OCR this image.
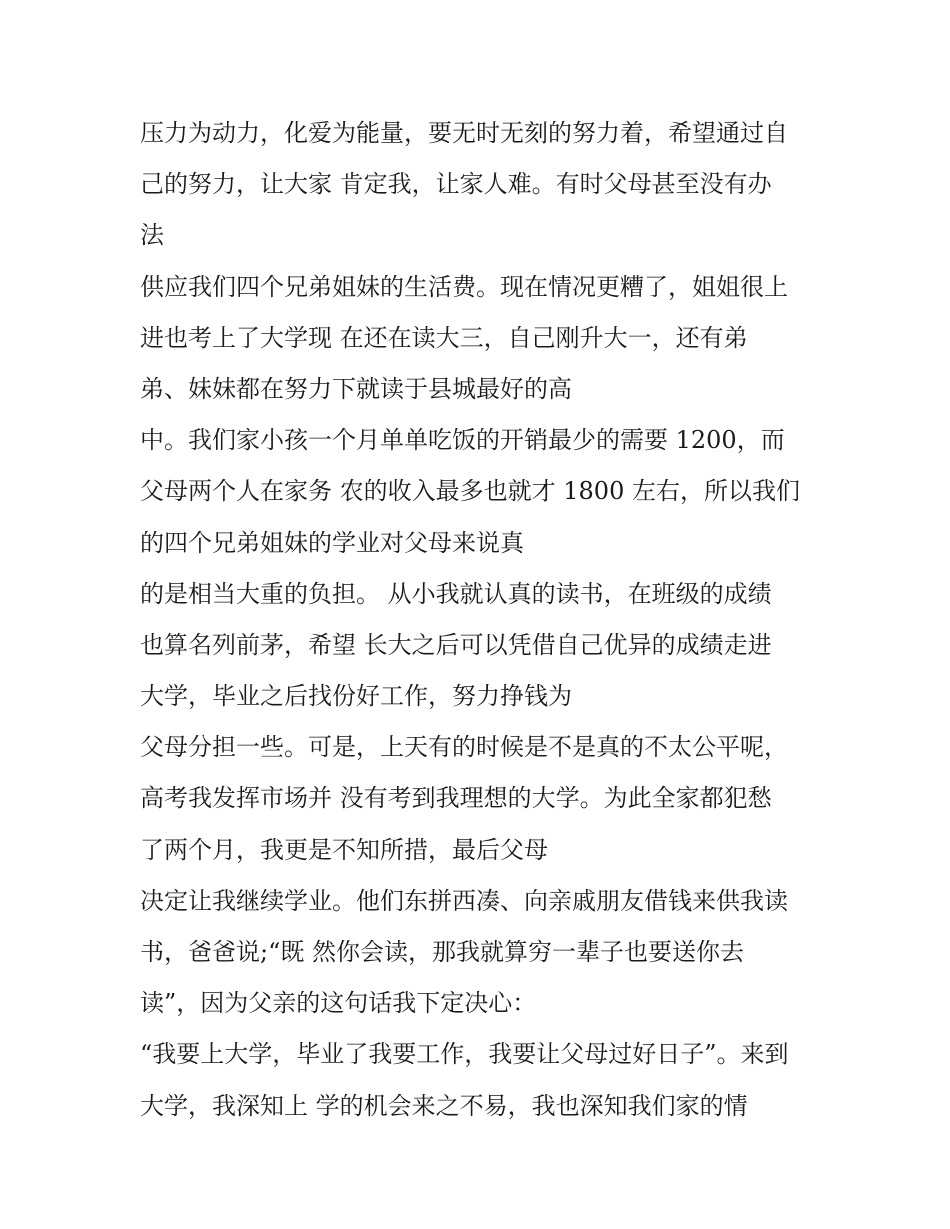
压力为动力，化爱为能量，要无时无刻的努力着，希望通过自
己的努力，让大家 肯定我，让家人难。有时父母甚至没有办
法
供应我们四个兄弟姐妹的生活费。现在情况更糟了，姐姐很上
进也考上了大学现 在还在读大三，自己刚升大一，还有弟
弟、妹妹都在努力下就读于县城最好的高
中。我们家小孩一个月单单吃饭的开销最少的需要 1200，而
父母两个人在家务 农的收入最多也就才 1800 左右，所以我们
的四个兄弟姐妹的学业对父母来说真
的是相当大重的负担。 从小我就认真的读书，在班级的成绩
也算名列前茅，希望 长大之后可以凭借自己优异的成绩走进
大学，毕业之后找份好工作，努力挣钱为
父母分担一些。可是，上天有的时候是不是真的不太公平呢，
高考我发挥市场并 没有考到我理想的大学。为此全家都犯愁
了两个月，我更是不知所措，最后父母
决定让我继续学业。他们东拼西凑、向亲戚朋友借钱来供我读
书，爸爸说;“既 然你会读，那我就算穷一辈子也要送你去
读”，因为父亲的这句话我下定决心：
“我要上大学，毕业了我要工作，我要让父母过好日子”。来到
大学，我深知上 学的机会来之不易，我也深知我们家的情
